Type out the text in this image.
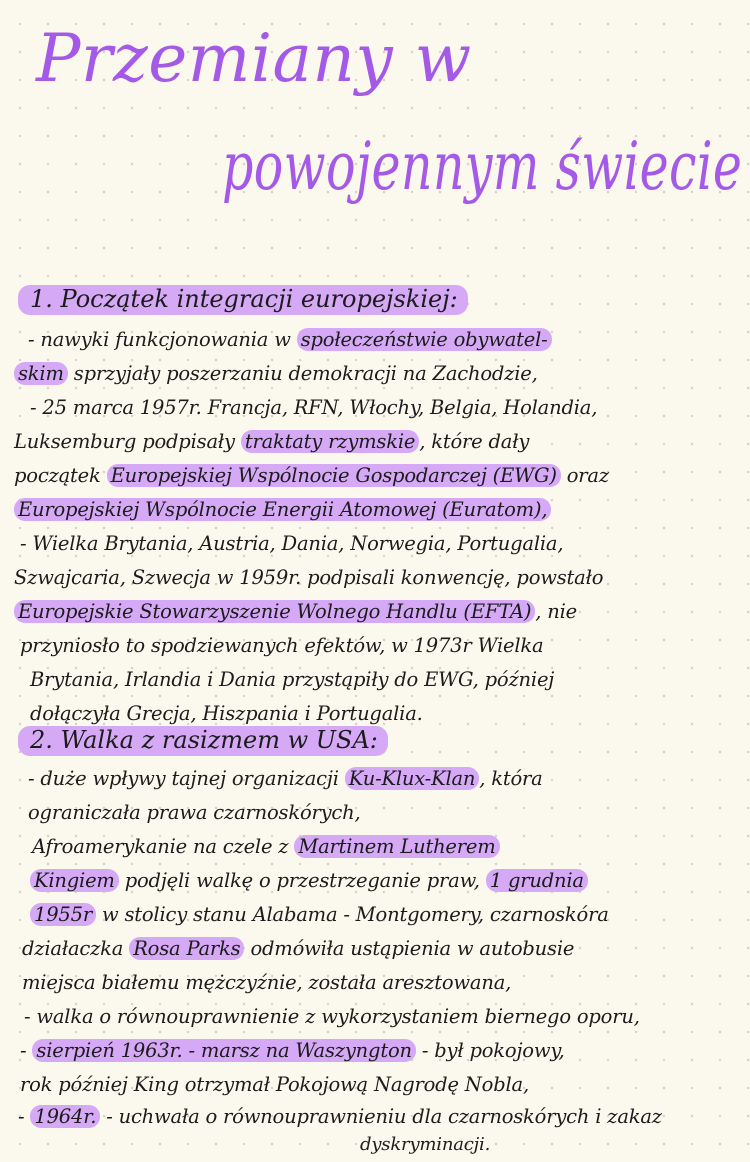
Przemiany w
powojennym świecie
1. Początek integracji europejskiej:
- nawyki funkcjonowania w społeczeństwie obywatel-
skim sprzyjały poszerzaniu demokracji na Zachodzie,
- 25 marca 1957r. Francja, RFN, Włochy, Belgia, Holandia,
Luksemburg podpisały traktaty rzymskie , które dały
początek Europejskiej Wspólnocie Gospodarczej (EWG) oraz
Europejskiej Wspólnocie Energii Atomowej (Euratom),
- Wielka Brytania, Austria, Dania, Norwegia, Portugalia,
Szwajcaria, Szwecja w 1959r. podpisali konwencję, powstało
Europejskie Stowarzyszenie Wolnego Handlu (EFTA) , nie
przyniosło to spodziewanych efektów, w 1973r Wielka
Brytania, Irlandia i Dania przystąpiły do EWG, później
dołączyła Grecja, Hiszpania i Portugalia.
2. Walka z rasizmem w USA:
- duże wpływy tajnej organizacji Ku-Klux-Klan , która
ograniczała prawa czarnoskórych,
Afroamerykanie na czele z Martinem Lutherem
Kingiem podjęli walkę o przestrzeganie praw, 1 grudnia
1955r w stolicy stanu Alabama - Montgomery, czarnoskóra
działaczka Rosa Parks odmówiła ustąpienia w autobusie
miejsca białemu mężczyźnie, została aresztowana,
- walka o równouprawnienie z wykorzystaniem biernego oporu,
- sierpień 1963r. - marsz na Waszyngton - był pokojowy,
rok później King otrzymał Pokojową Nagrodę Nobla,
- 1964r. - uchwała o równouprawnieniu dla czarnoskórych i zakaz
dyskryminacji.
